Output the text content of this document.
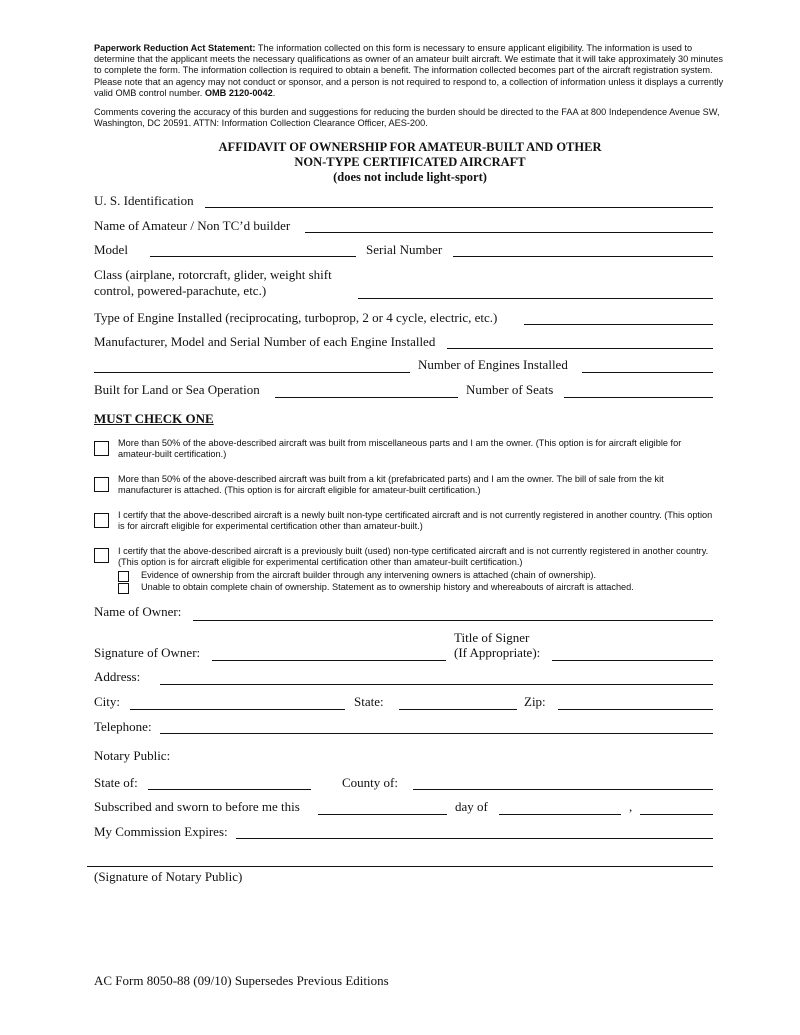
Paperwork Reduction Act Statement: The information collected on this form is necessary to ensure applicant eligibility. The information is used to determine that the applicant meets the necessary qualifications as owner of an amateur built aircraft. We estimate that it will take approximately 30 minutes to complete the form. The information collection is required to obtain a benefit. The information collected becomes part of the aircraft registration system. Please note that an agency may not conduct or sponsor, and a person is not required to respond to, a collection of information unless it displays a currently valid OMB control number. OMB 2120-0042.
Comments covering the accuracy of this burden and suggestions for reducing the burden should be directed to the FAA at 800 Independence Avenue SW, Washington, DC 20591. ATTN: Information Collection Clearance Officer, AES-200.
AFFIDAVIT OF OWNERSHIP FOR AMATEUR-BUILT AND OTHER
NON-TYPE CERTIFICATED AIRCRAFT
(does not include light-sport)
U. S. Identification
Name of Amateur / Non TC’d builder
Model	Serial Number
Class (airplane, rotorcraft, glider, weight shift
control, powered-parachute, etc.)
Type of Engine Installed (reciprocating, turboprop, 2 or 4 cycle, electric, etc.)
Manufacturer, Model and Serial Number of each Engine Installed
Number of Engines Installed
Built for Land or Sea Operation	Number of Seats
MUST CHECK ONE
More than 50% of the above-described aircraft was built from miscellaneous parts and I am the owner. (This option is for aircraft eligible for amateur-built certification.)
More than 50% of the above-described aircraft was built from a kit (prefabricated parts) and I am the owner. The bill of sale from the kit manufacturer is attached. (This option is for aircraft eligible for amateur-built certification.)
I certify that the above-described aircraft is a newly built non-type certificated aircraft and is not currently registered in another country. (This option is for aircraft eligible for experimental certification other than amateur-built.)
I certify that the above-described aircraft is a previously built (used) non-type certificated aircraft and is not currently registered in another country. (This option is for aircraft eligible for experimental certification other than amateur-built certification.)
Evidence of ownership from the aircraft builder through any intervening owners is attached (chain of ownership).
Unable to obtain complete chain of ownership. Statement as to ownership history and whereabouts of aircraft is attached.
Name of Owner:
Title of Signer
(If Appropriate):
Signature of Owner:
Address:
City:	State:	Zip:
Telephone:
Notary Public:
State of:	County of:
Subscribed and sworn to before me this	day of	,
My Commission Expires:
(Signature of Notary Public)
AC Form 8050-88 (09/10) Supersedes Previous Editions
